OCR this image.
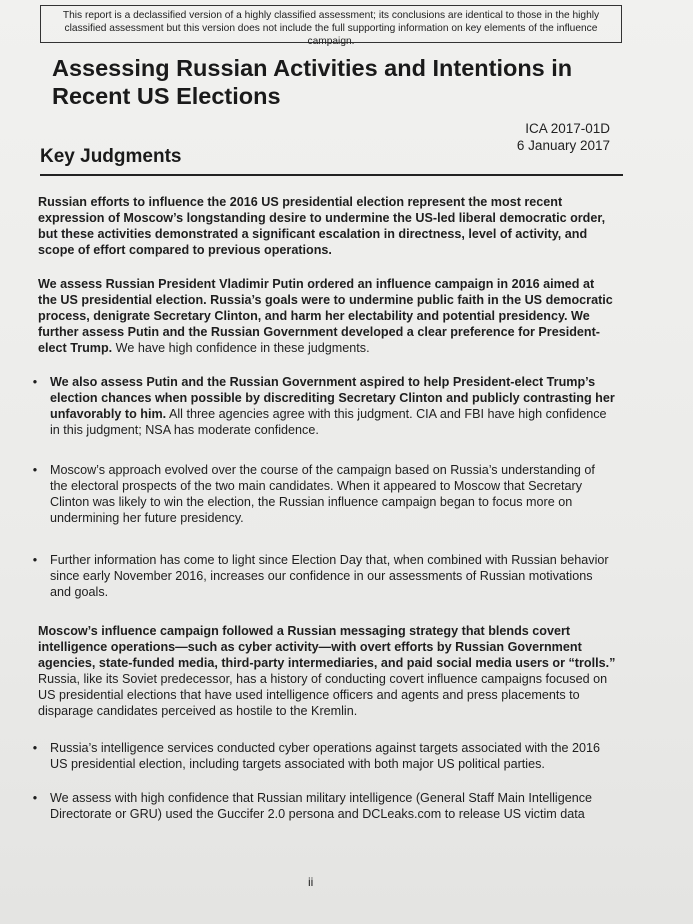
This report is a declassified version of a highly classified assessment; its conclusions are identical to those in the highly classified assessment but this version does not include the full supporting information on key elements of the influence campaign.
Assessing Russian Activities and Intentions in Recent US Elections
ICA 2017-01D
6 January 2017
Key Judgments

Russian efforts to influence the 2016 US presidential election represent the most recent expression of Moscow’s longstanding desire to undermine the US-led liberal democratic order, but these activities demonstrated a significant escalation in directness, level of activity, and scope of effort compared to previous operations.

We assess Russian President Vladimir Putin ordered an influence campaign in 2016 aimed at the US presidential election. Russia’s goals were to undermine public faith in the US democratic process, denigrate Secretary Clinton, and harm her electability and potential presidency. We further assess Putin and the Russian Government developed a clear preference for President-elect Trump. We have high confidence in these judgments.

• We also assess Putin and the Russian Government aspired to help President-elect Trump’s election chances when possible by discrediting Secretary Clinton and publicly contrasting her unfavorably to him. All three agencies agree with this judgment. CIA and FBI have high confidence in this judgment; NSA has moderate confidence.
• Moscow’s approach evolved over the course of the campaign based on Russia’s understanding of the electoral prospects of the two main candidates. When it appeared to Moscow that Secretary Clinton was likely to win the election, the Russian influence campaign began to focus more on undermining her future presidency.
• Further information has come to light since Election Day that, when combined with Russian behavior since early November 2016, increases our confidence in our assessments of Russian motivations and goals.

Moscow’s influence campaign followed a Russian messaging strategy that blends covert intelligence operations—such as cyber activity—with overt efforts by Russian Government agencies, state-funded media, third-party intermediaries, and paid social media users or “trolls.” Russia, like its Soviet predecessor, has a history of conducting covert influence campaigns focused on US presidential elections that have used intelligence officers and agents and press placements to disparage candidates perceived as hostile to the Kremlin.

• Russia’s intelligence services conducted cyber operations against targets associated with the 2016 US presidential election, including targets associated with both major US political parties.
• We assess with high confidence that Russian military intelligence (General Staff Main Intelligence Directorate or GRU) used the Guccifer 2.0 persona and DCLeaks.com to release US victim data
ii
